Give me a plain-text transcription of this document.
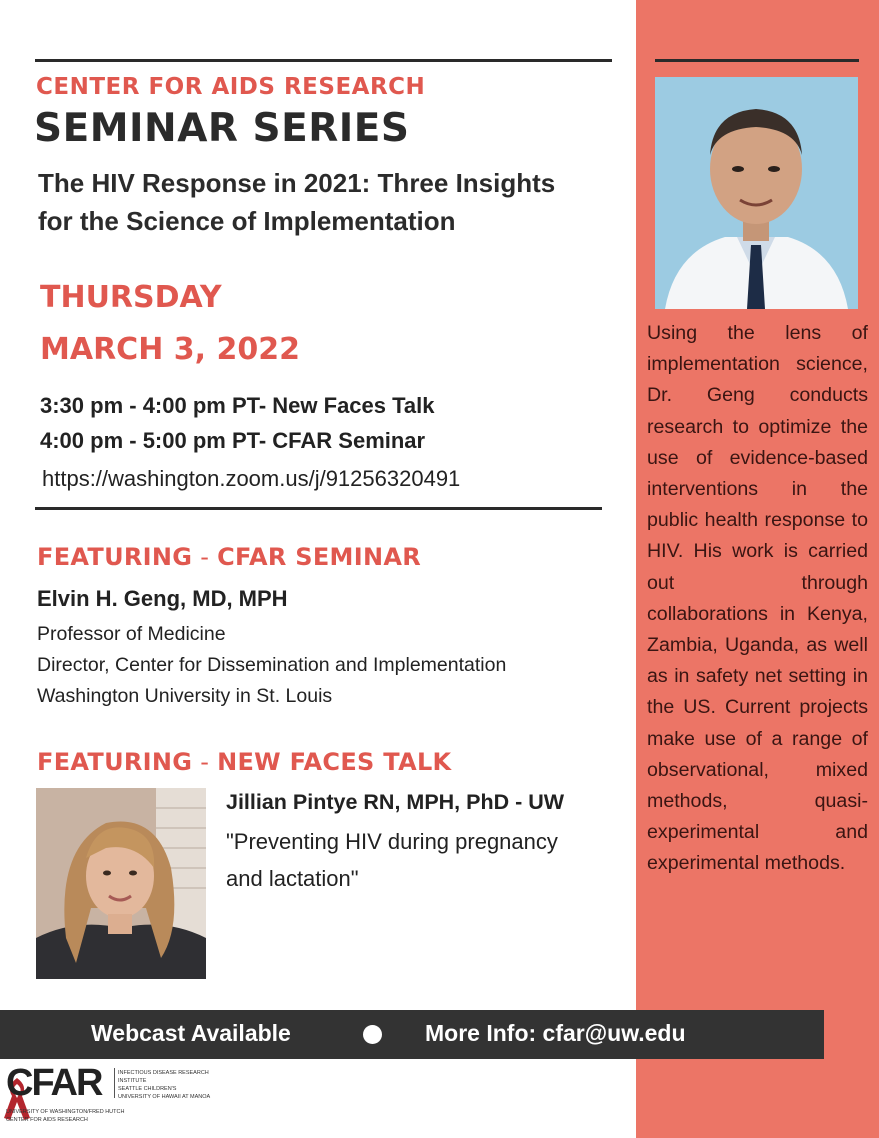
Using the lens of implementation science, Dr. Geng conducts research to optimize the use of evidence-based interventions in the public health response to HIV. His work is carried out through collaborations in Kenya, Zambia, Uganda, as well as in safety net setting in the US. Current projects make use of a range of observational, mixed methods, quasi-experimental and experimental methods.
CENTER FOR AIDS RESEARCH
SEMINAR SERIES
The HIV Response in 2021: Three Insights
for the Science of Implementation
THURSDAY
MARCH 3, 2022
3:30 pm - 4:00 pm PT- New Faces Talk
4:00 pm - 5:00 pm PT- CFAR Seminar
https://washington.zoom.us/j/91256320491
FEATURING - CFAR SEMINAR
Elvin H. Geng, MD, MPH
Professor of Medicine
Director, Center for Dissemination and Implementation
Washington University in St. Louis
FEATURING - NEW FACES TALK
Jillian Pintye RN, MPH, PhD - UW
"Preventing HIV during pregnancy
and lactation"
Webcast Available	More Info: cfar@uw.edu
CFAR	INFECTIOUS DISEASE RESEARCH INSTITUTE
SEATTLE CHILDREN'S
UNIVERSITY OF HAWAII AT MANOA
UNIVERSITY OF WASHINGTON/FRED HUTCH
CENTER FOR AIDS RESEARCH
